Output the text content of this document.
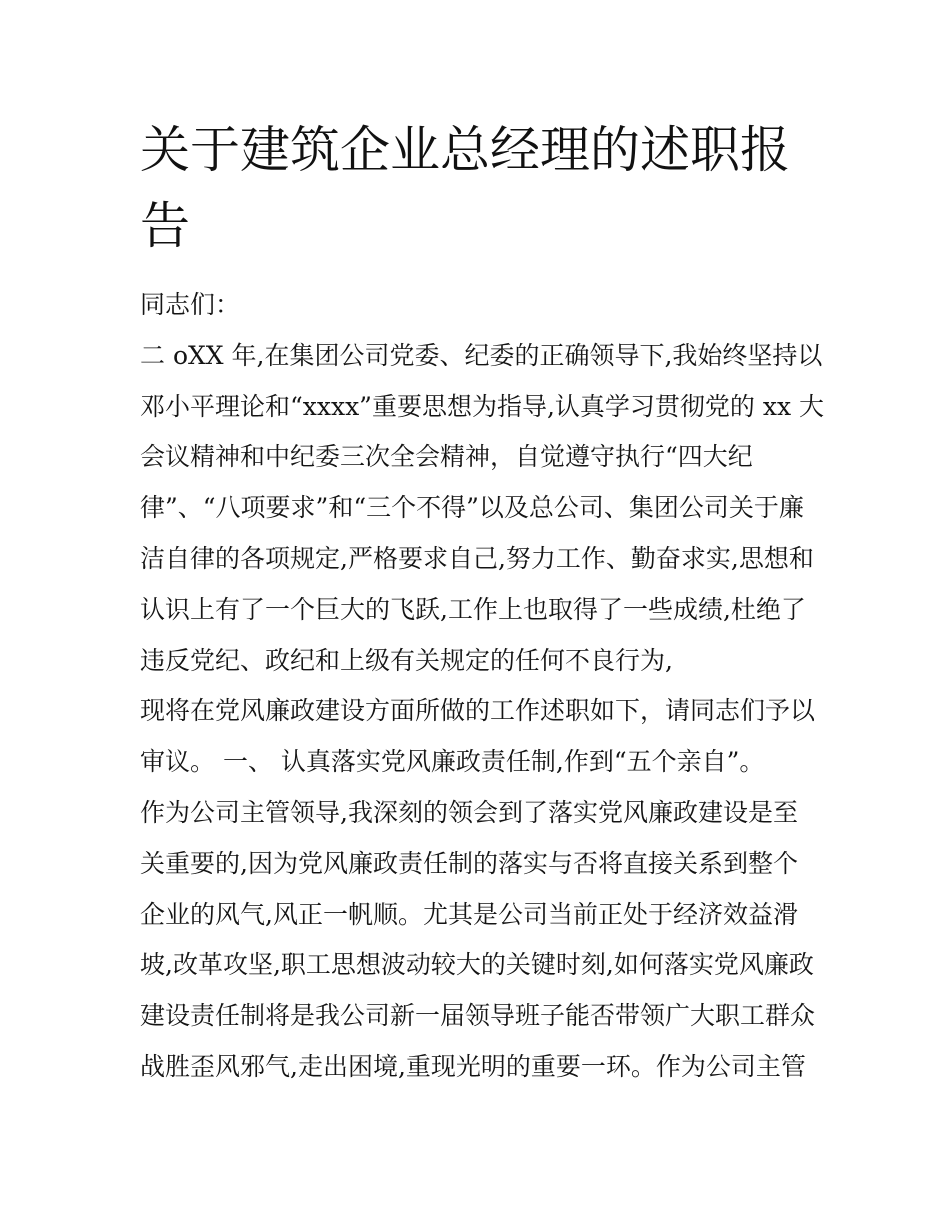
关于建筑企业总经理的述职报
告
同志们：
二 oXX 年,在集团公司党委、纪委的正确领导下,我始终坚持以
邓小平理论和“xxxx”重要思想为指导,认真学习贯彻党的 xx 大
会议精神和中纪委三次全会精神，自觉遵守执行“四大纪
律”、“八项要求”和“三个不得”以及总公司、集团公司关于廉
洁自律的各项规定,严格要求自己,努力工作、勤奋求实,思想和
认识上有了一个巨大的飞跃,工作上也取得了一些成绩,杜绝了
违反党纪、政纪和上级有关规定的任何不良行为,
现将在党风廉政建设方面所做的工作述职如下，请同志们予以
审议。 一、 认真落实党风廉政责任制,作到“五个亲自”。
作为公司主管领导,我深刻的领会到了落实党风廉政建设是至
关重要的,因为党风廉政责任制的落实与否将直接关系到整个
企业的风气,风正一帆顺。尤其是公司当前正处于经济效益滑
坡,改革攻坚,职工思想波动较大的关键时刻,如何落实党风廉政
建设责任制将是我公司新一届领导班子能否带领广大职工群众
战胜歪风邪气,走出困境,重现光明的重要一环。作为公司主管
